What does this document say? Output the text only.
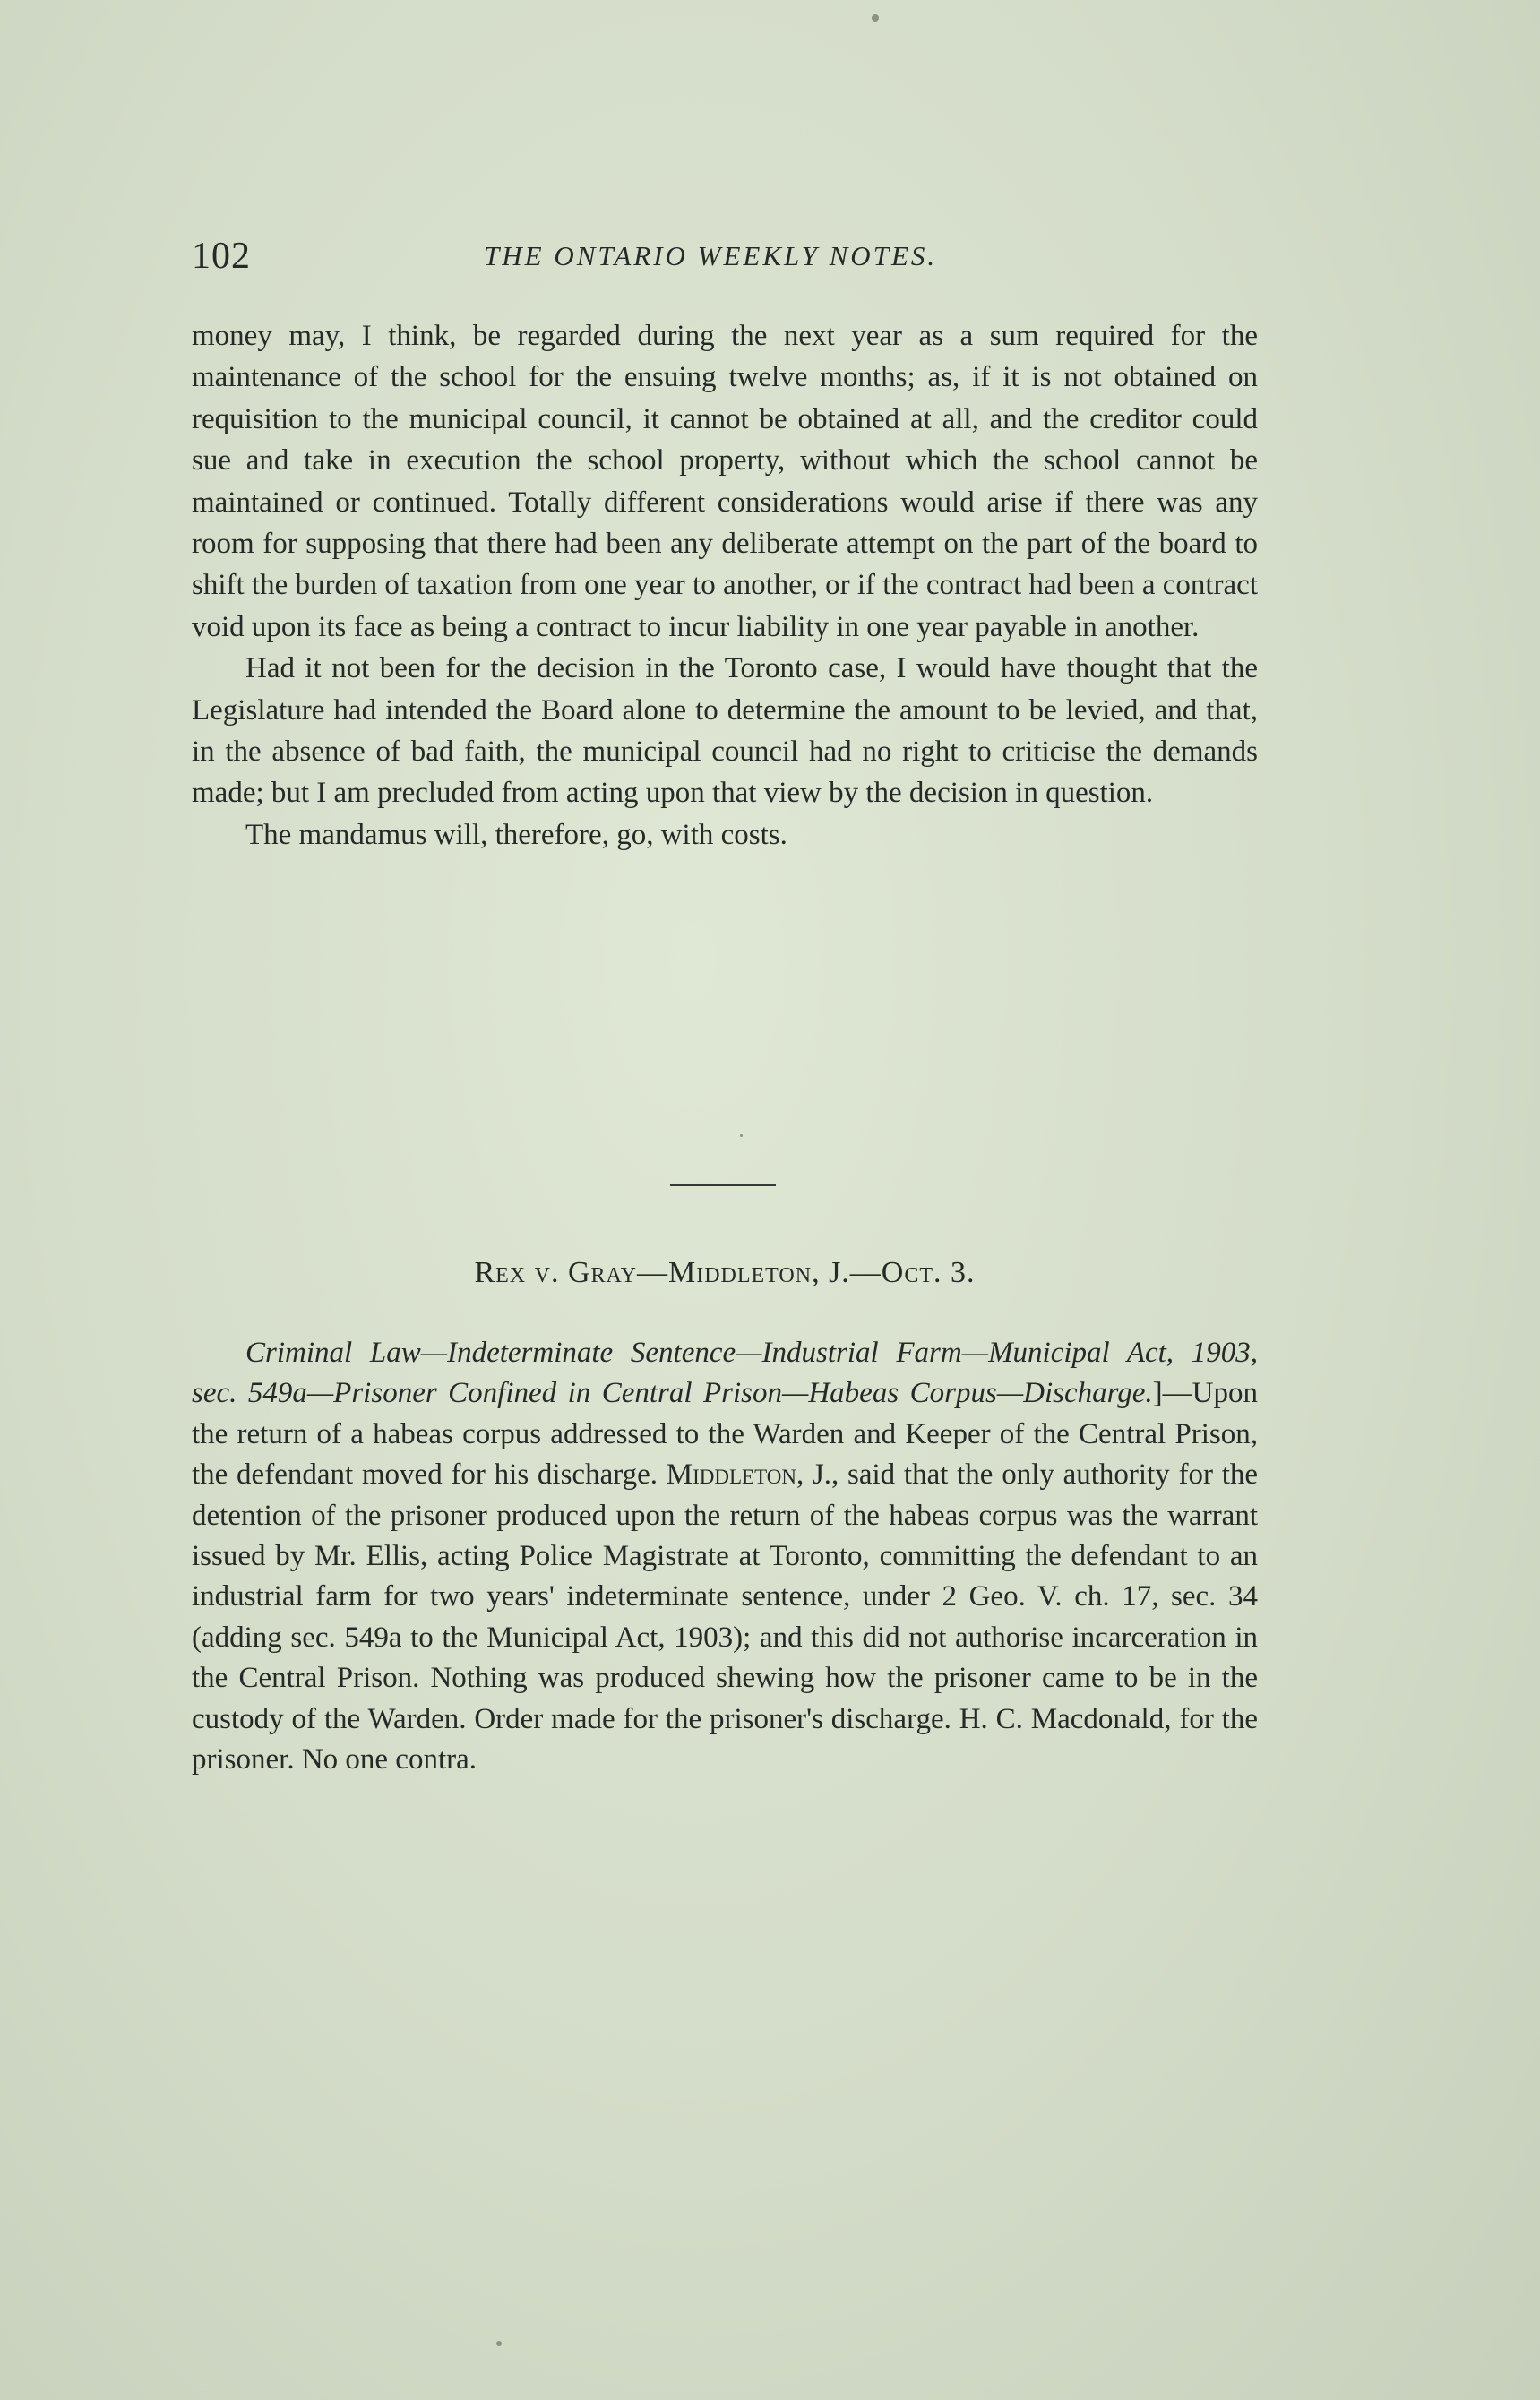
102	THE ONTARIO WEEKLY NOTES.

money may, I think, be regarded during the next year as a sum required for the maintenance of the school for the ensuing twelve months; as, if it is not obtained on requisition to the municipal council, it cannot be obtained at all, and the creditor could sue and take in execution the school property, without which the school cannot be maintained or continued. Totally different considerations would arise if there was any room for supposing that there had been any deliberate attempt on the part of the board to shift the burden of taxation from one year to another, or if the contract had been a contract void upon its face as being a contract to incur liability in one year payable in another.

Had it not been for the decision in the Toronto case, I would have thought that the Legislature had intended the Board alone to determine the amount to be levied, and that, in the absence of bad faith, the municipal council had no right to criticise the demands made; but I am precluded from acting upon that view by the decision in question.

The mandamus will, therefore, go, with costs.

Rex v. Gray—Middleton, J.—Oct. 3.

Criminal Law—Indeterminate Sentence—Industrial Farm—Municipal Act, 1903, sec. 549a—Prisoner Confined in Central Prison—Habeas Corpus—Discharge.]—Upon the return of a habeas corpus addressed to the Warden and Keeper of the Central Prison, the defendant moved for his discharge. Middleton, J., said that the only authority for the detention of the prisoner produced upon the return of the habeas corpus was the warrant issued by Mr. Ellis, acting Police Magistrate at Toronto, committing the defendant to an industrial farm for two years' indeterminate sentence, under 2 Geo. V. ch. 17, sec. 34 (adding sec. 549a to the Municipal Act, 1903); and this did not authorise incarceration in the Central Prison. Nothing was produced shewing how the prisoner came to be in the custody of the Warden. Order made for the prisoner's discharge. H. C. Macdonald, for the prisoner. No one contra.
